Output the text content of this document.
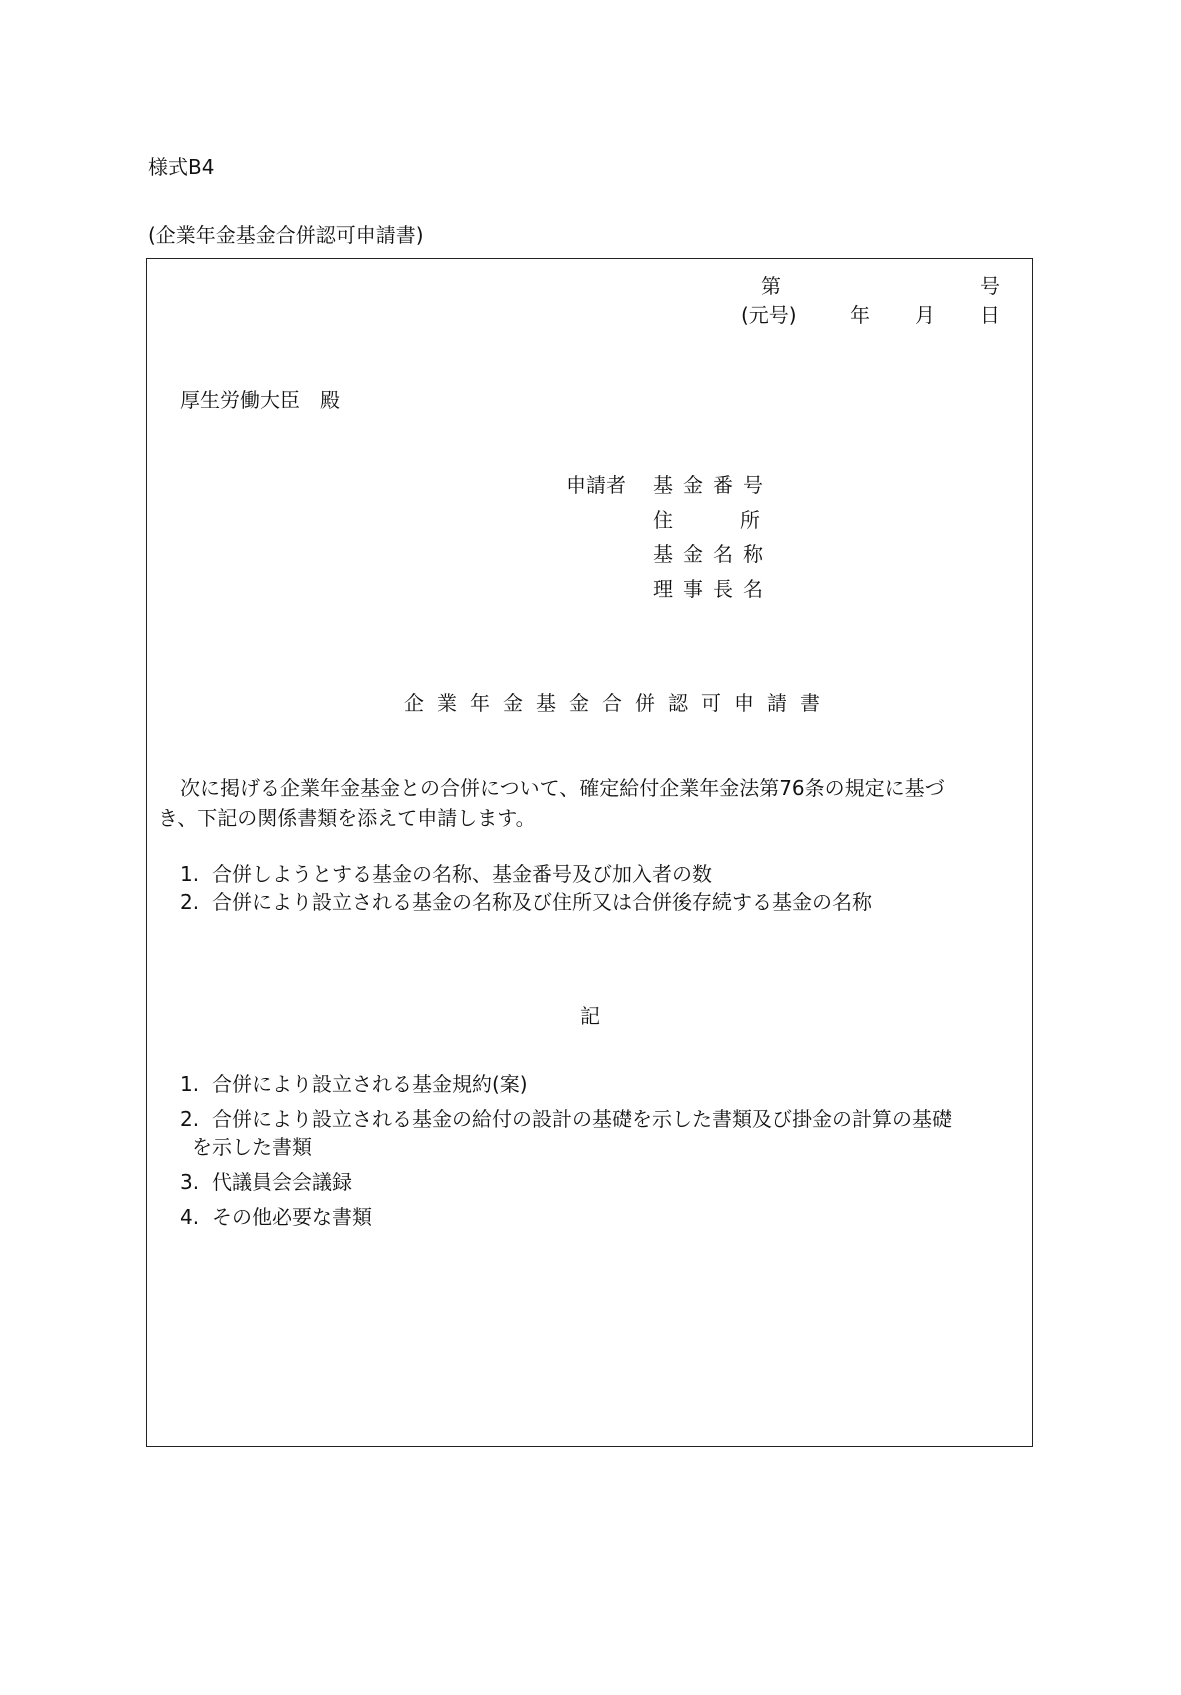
様式B4
(企業年金基金合併認可申請書)
第	号
(元号)	年 月 日
厚生労働大臣　殿
申請者 基金番号
住	所
基金名称
理事長名
企業年金基金合併認可申請書
次に掲げる企業年金基金との合併について、確定給付企業年金法第76条の規定に基づ
き、下記の関係書類を添えて申請します。
1. 合併しようとする基金の名称、基金番号及び加入者の数
2. 合併により設立される基金の名称及び住所又は合併後存続する基金の名称
記
1. 合併により設立される基金規約(案)
2. 合併により設立される基金の給付の設計の基礎を示した書類及び掛金の計算の基礎
を示した書類
3. 代議員会会議録
4. その他必要な書類
